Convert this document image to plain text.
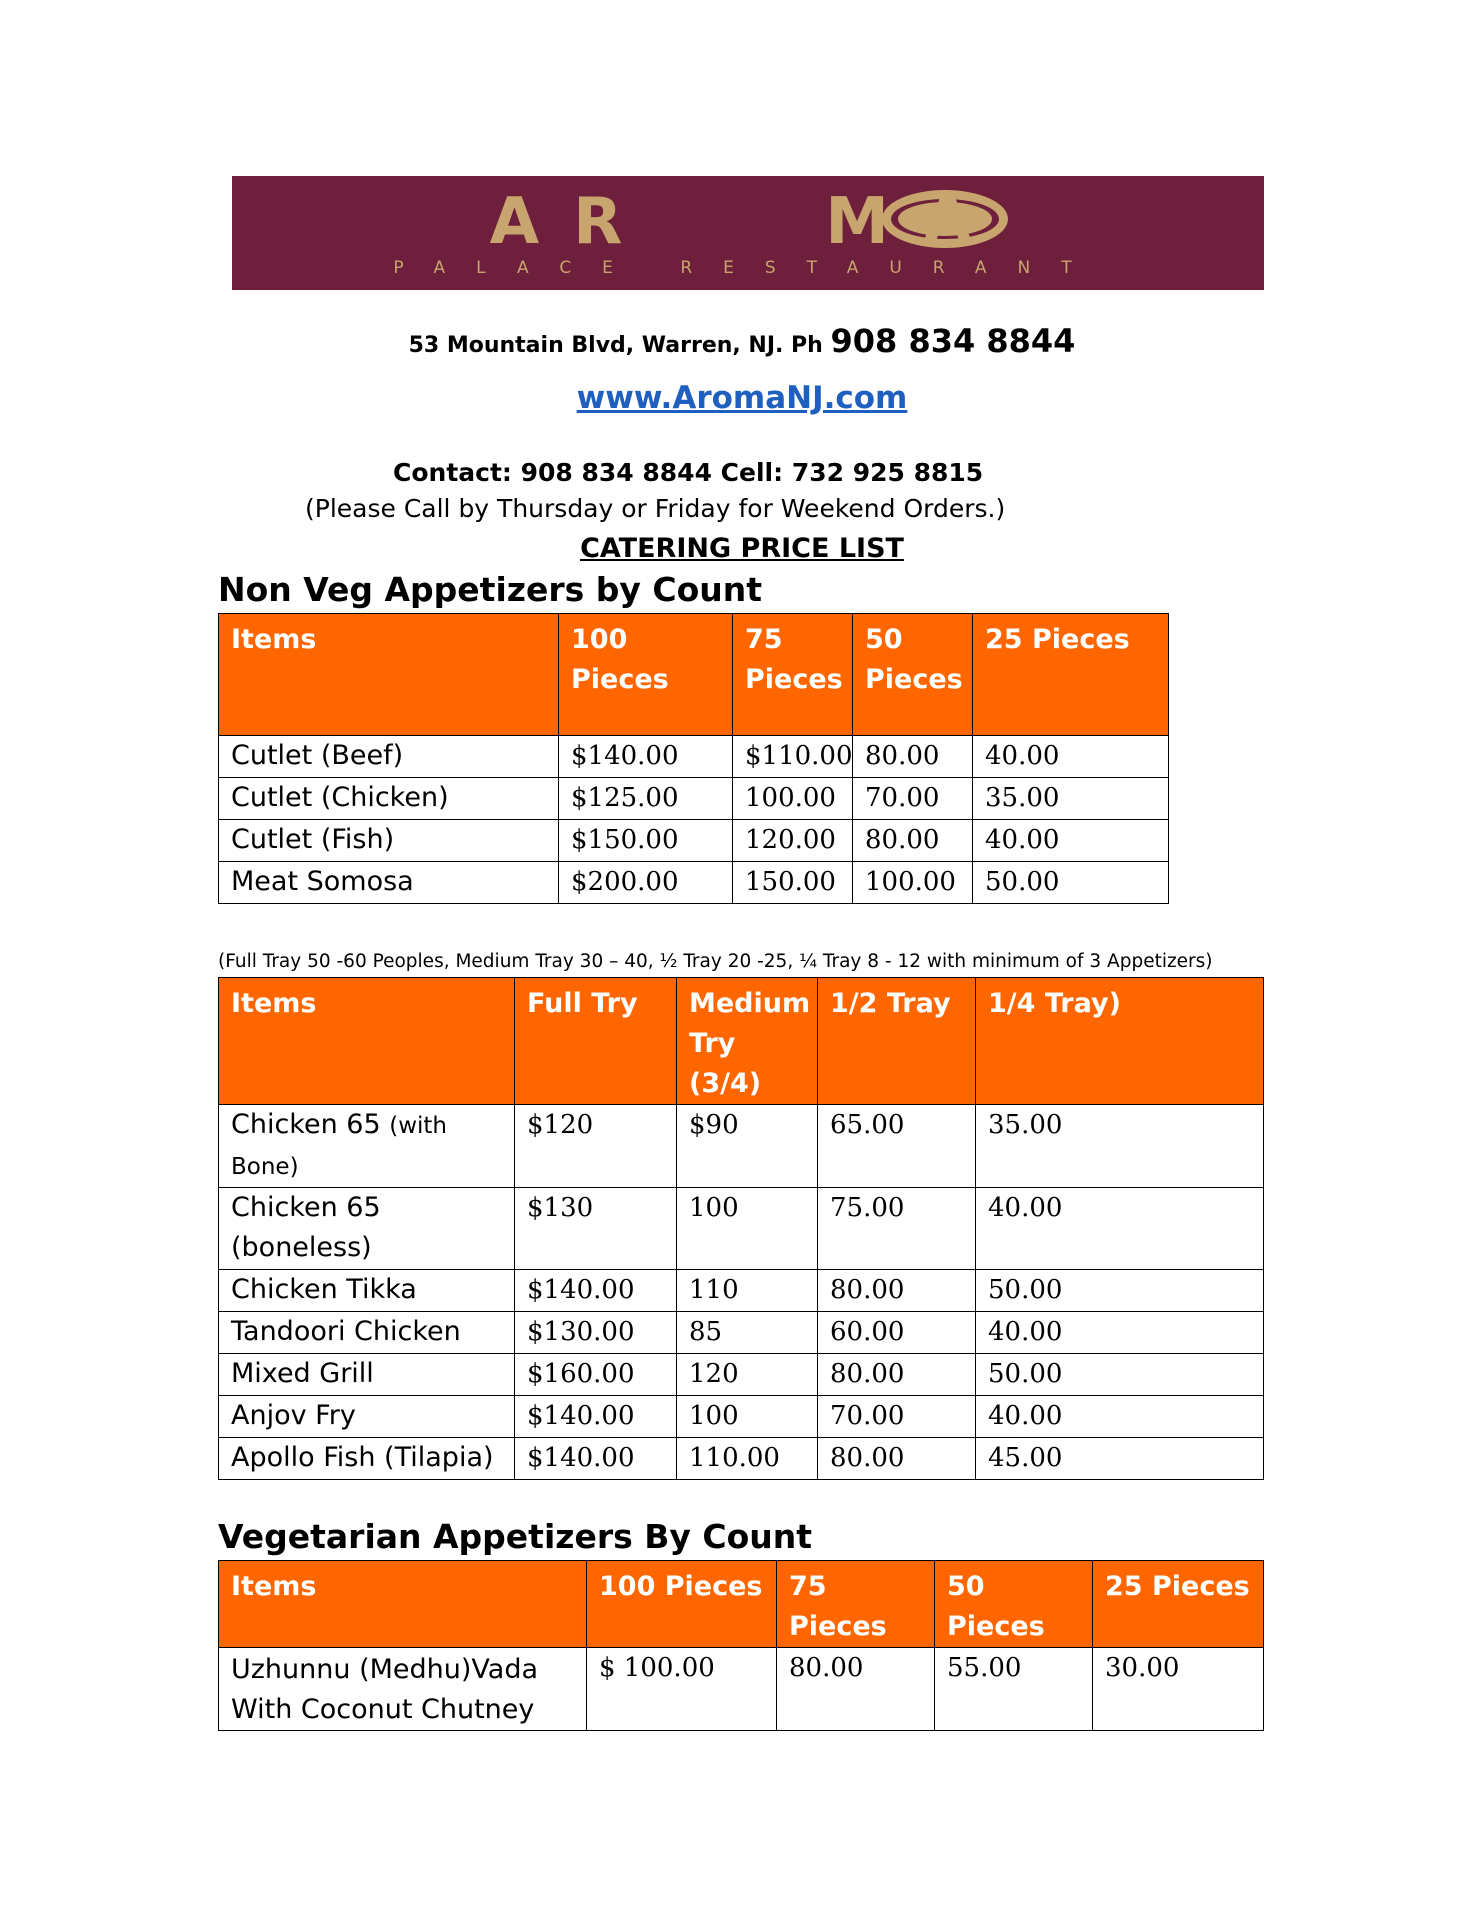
AR   MA
PALACE RESTAURANT
53 Mountain Blvd, Warren, NJ. Ph 908 834 8844
www.AromaNJ.com
Contact: 908 834 8844 Cell: 732 925 8815
(Please Call by Thursday or Friday for Weekend Orders.)
CATERING PRICE LIST
Non Veg Appetizers by Count
Items	100 Pieces	75 Pieces	50 Pieces	25 Pieces
Cutlet (Beef)	$140.00	$110.00	80.00	40.00
Cutlet (Chicken)	$125.00	100.00	70.00	35.00
Cutlet (Fish)	$150.00	120.00	80.00	40.00
Meat Somosa	$200.00	150.00	100.00	50.00
(Full Tray 50 -60 Peoples, Medium Tray 30 – 40, ½ Tray 20 -25, ¼ Tray 8 - 12 with minimum of 3 Appetizers)
Items	Full Try	Medium Try (3/4)	1/2 Tray	1/4 Tray)
Chicken 65 (with Bone)	$120	$90	65.00	35.00
Chicken 65 (boneless)	$130	100	75.00	40.00
Chicken Tikka	$140.00	110	80.00	50.00
Tandoori Chicken	$130.00	85	60.00	40.00
Mixed Grill	$160.00	120	80.00	50.00
Anjov Fry	$140.00	100	70.00	40.00
Apollo Fish (Tilapia)	$140.00	110.00	80.00	45.00
Vegetarian Appetizers By Count
Items	100 Pieces	75 Pieces	50 Pieces	25 Pieces
Uzhunnu (Medhu)Vada With Coconut Chutney	$ 100.00	80.00	55.00	30.00
